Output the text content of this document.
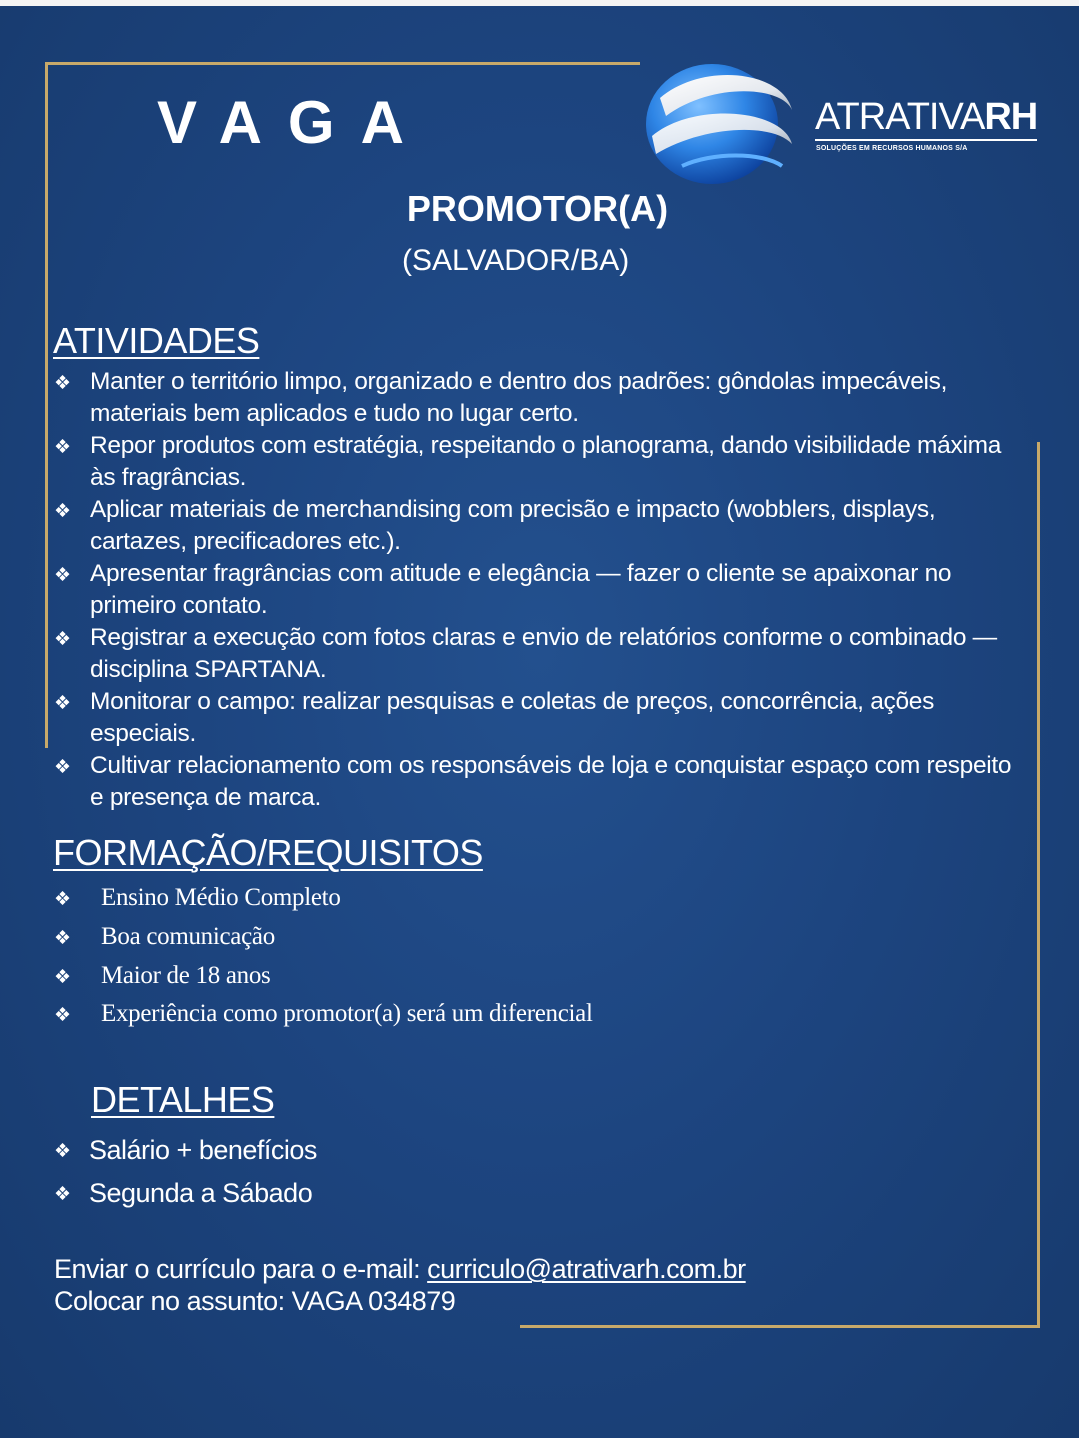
VAGA	ATRATIVARH
SOLUÇÕES EM RECURSOS HUMANOS S/A
PROMOTOR(A)
(SALVADOR/BA)
ATIVIDADES
❖ Manter o território limpo, organizado e dentro dos padrões: gôndolas impecáveis, materiais bem aplicados e tudo no lugar certo.
❖ Repor produtos com estratégia, respeitando o planograma, dando visibilidade máxima às fragrâncias.
❖ Aplicar materiais de merchandising com precisão e impacto (wobblers, displays, cartazes, precificadores etc.).
❖ Apresentar fragrâncias com atitude e elegância — fazer o cliente se apaixonar no primeiro contato.
❖ Registrar a execução com fotos claras e envio de relatórios conforme o combinado — disciplina SPARTANA.
❖ Monitorar o campo: realizar pesquisas e coletas de preços, concorrência, ações especiais.
❖ Cultivar relacionamento com os responsáveis de loja e conquistar espaço com respeito e presença de marca.
FORMAÇÃO/REQUISITOS
❖ Ensino Médio Completo
❖ Boa comunicação
❖ Maior de 18 anos
❖ Experiência como promotor(a) será um diferencial
DETALHES
❖ Salário + benefícios
❖ Segunda a Sábado
Enviar o currículo para o e-mail: curriculo@atrativarh.com.br
Colocar no assunto: VAGA 034879
